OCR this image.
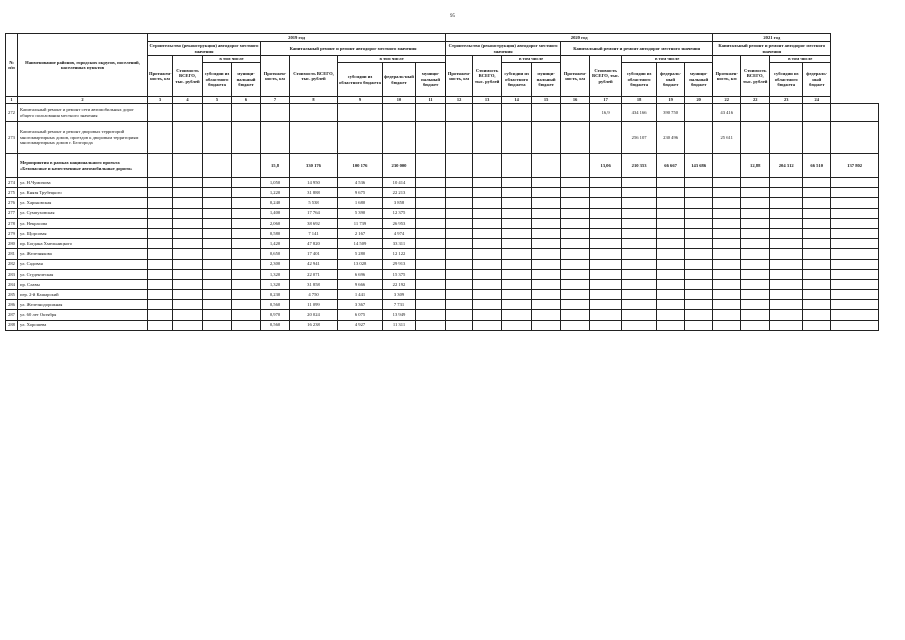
95
№ п/п	Наименование районов, городских округов, поселений, населенных пунктов	2019 год									2020 год									2021 год				
		Строительство (реконструкция) автодорог местного значения				Капитальный ремонт и ремонт автодорог местного значения					Строительство (реконструкция) автодорог местного значения				Капитальный ремонт и ремонт автодорог местного значения					Капитальный ремонт и ремонт автодорог местного значения				
		Протяжен-ность, км	Стоимость ВСЕГО, тыс. рублей	в том числе		Протяжен-ность, км	Стоимость ВСЕГО, тыс. рублей	в том числе			Протяжен-ность, км	Стоимость ВСЕГО, тыс. рублей	в том числе		Протяжен-ность, км	Стоимость ВСЕГО, тыс. рублей	в том числе			Протяжен-ность, км	Стоимость ВСЕГО, тыс. рублей	в том числе		
				субсидии из областного бюджета	муници-пальный бюджет			субсидии из областного бюджета	федераль-ный бюджет	муници-пальный бюджет			субсидии из областного бюджета	муници-пальный бюджет			субсидии из областного бюджета	федераль-ный бюджет	муници-пальный бюджет			субсидии из областного бюджета	федераль-ный бюджет	
1	2	3	4	5	6	7	8	9	10	11	12	13	14	15	16	17	18	19	20	22	22	23	24	
272	Капитальный ремонт и ремонт сети автомобильных дорог общего пользования местного значения															16,9	434 166	390 750		43 416				
273	Капитальный ремонт и ремонт дворовых территорий многоквартирных домов, проездов к дворовым территориям многоквартирных домов г. Белгорода																256 107	230 496		25 611				
	Мероприятия в рамках национального проекта «Безопасные и качественные автомобильные дороги»					15,8	330 176	100 176	230 000							13,06	210 353	66 667	143 686		12,88	204 312	66 510	137 802
274	ул. Н.Чумичова					1,050	14 950	4 536	10 414															
275	ул. Князя Трубецкого					1,220	31 888	9 675	22 213															
276	ул. Харьковская					0,240	5 538	1 680	3 858															
277	ул. Сумпуховская					1,400	17 764	5 390	12 375															
278	ул. Некрасова					2,060	38 692	11 739	26 953															
279	ул. Щорсовая					0,580	7 141	2 167	4 974															
280	пр. Богдана Хмельницкого					1,420	47 820	14 509	33 311															
281	ул. Железнякова					0,650	17 401	5 280	12 122															
282	ул. Садовая					2,300	42 941	13 028	29 913															
283	ул. Студенческая					1,320	22 071	6 696	15 375															
284	пр. Славы					1,320	31 858	9 666	22 192															
285	пер. 2-й Кашарский					0,230	4 750	1 441	3 309															
286	ул. Железнодорожная					0,560	11 099	3 367	7 731															
287	ул. 60 лет Октября					0,970	20 024	6 075	13 949															
288	ул. Хорошева					0,560	16 238	4 927	11 311															
